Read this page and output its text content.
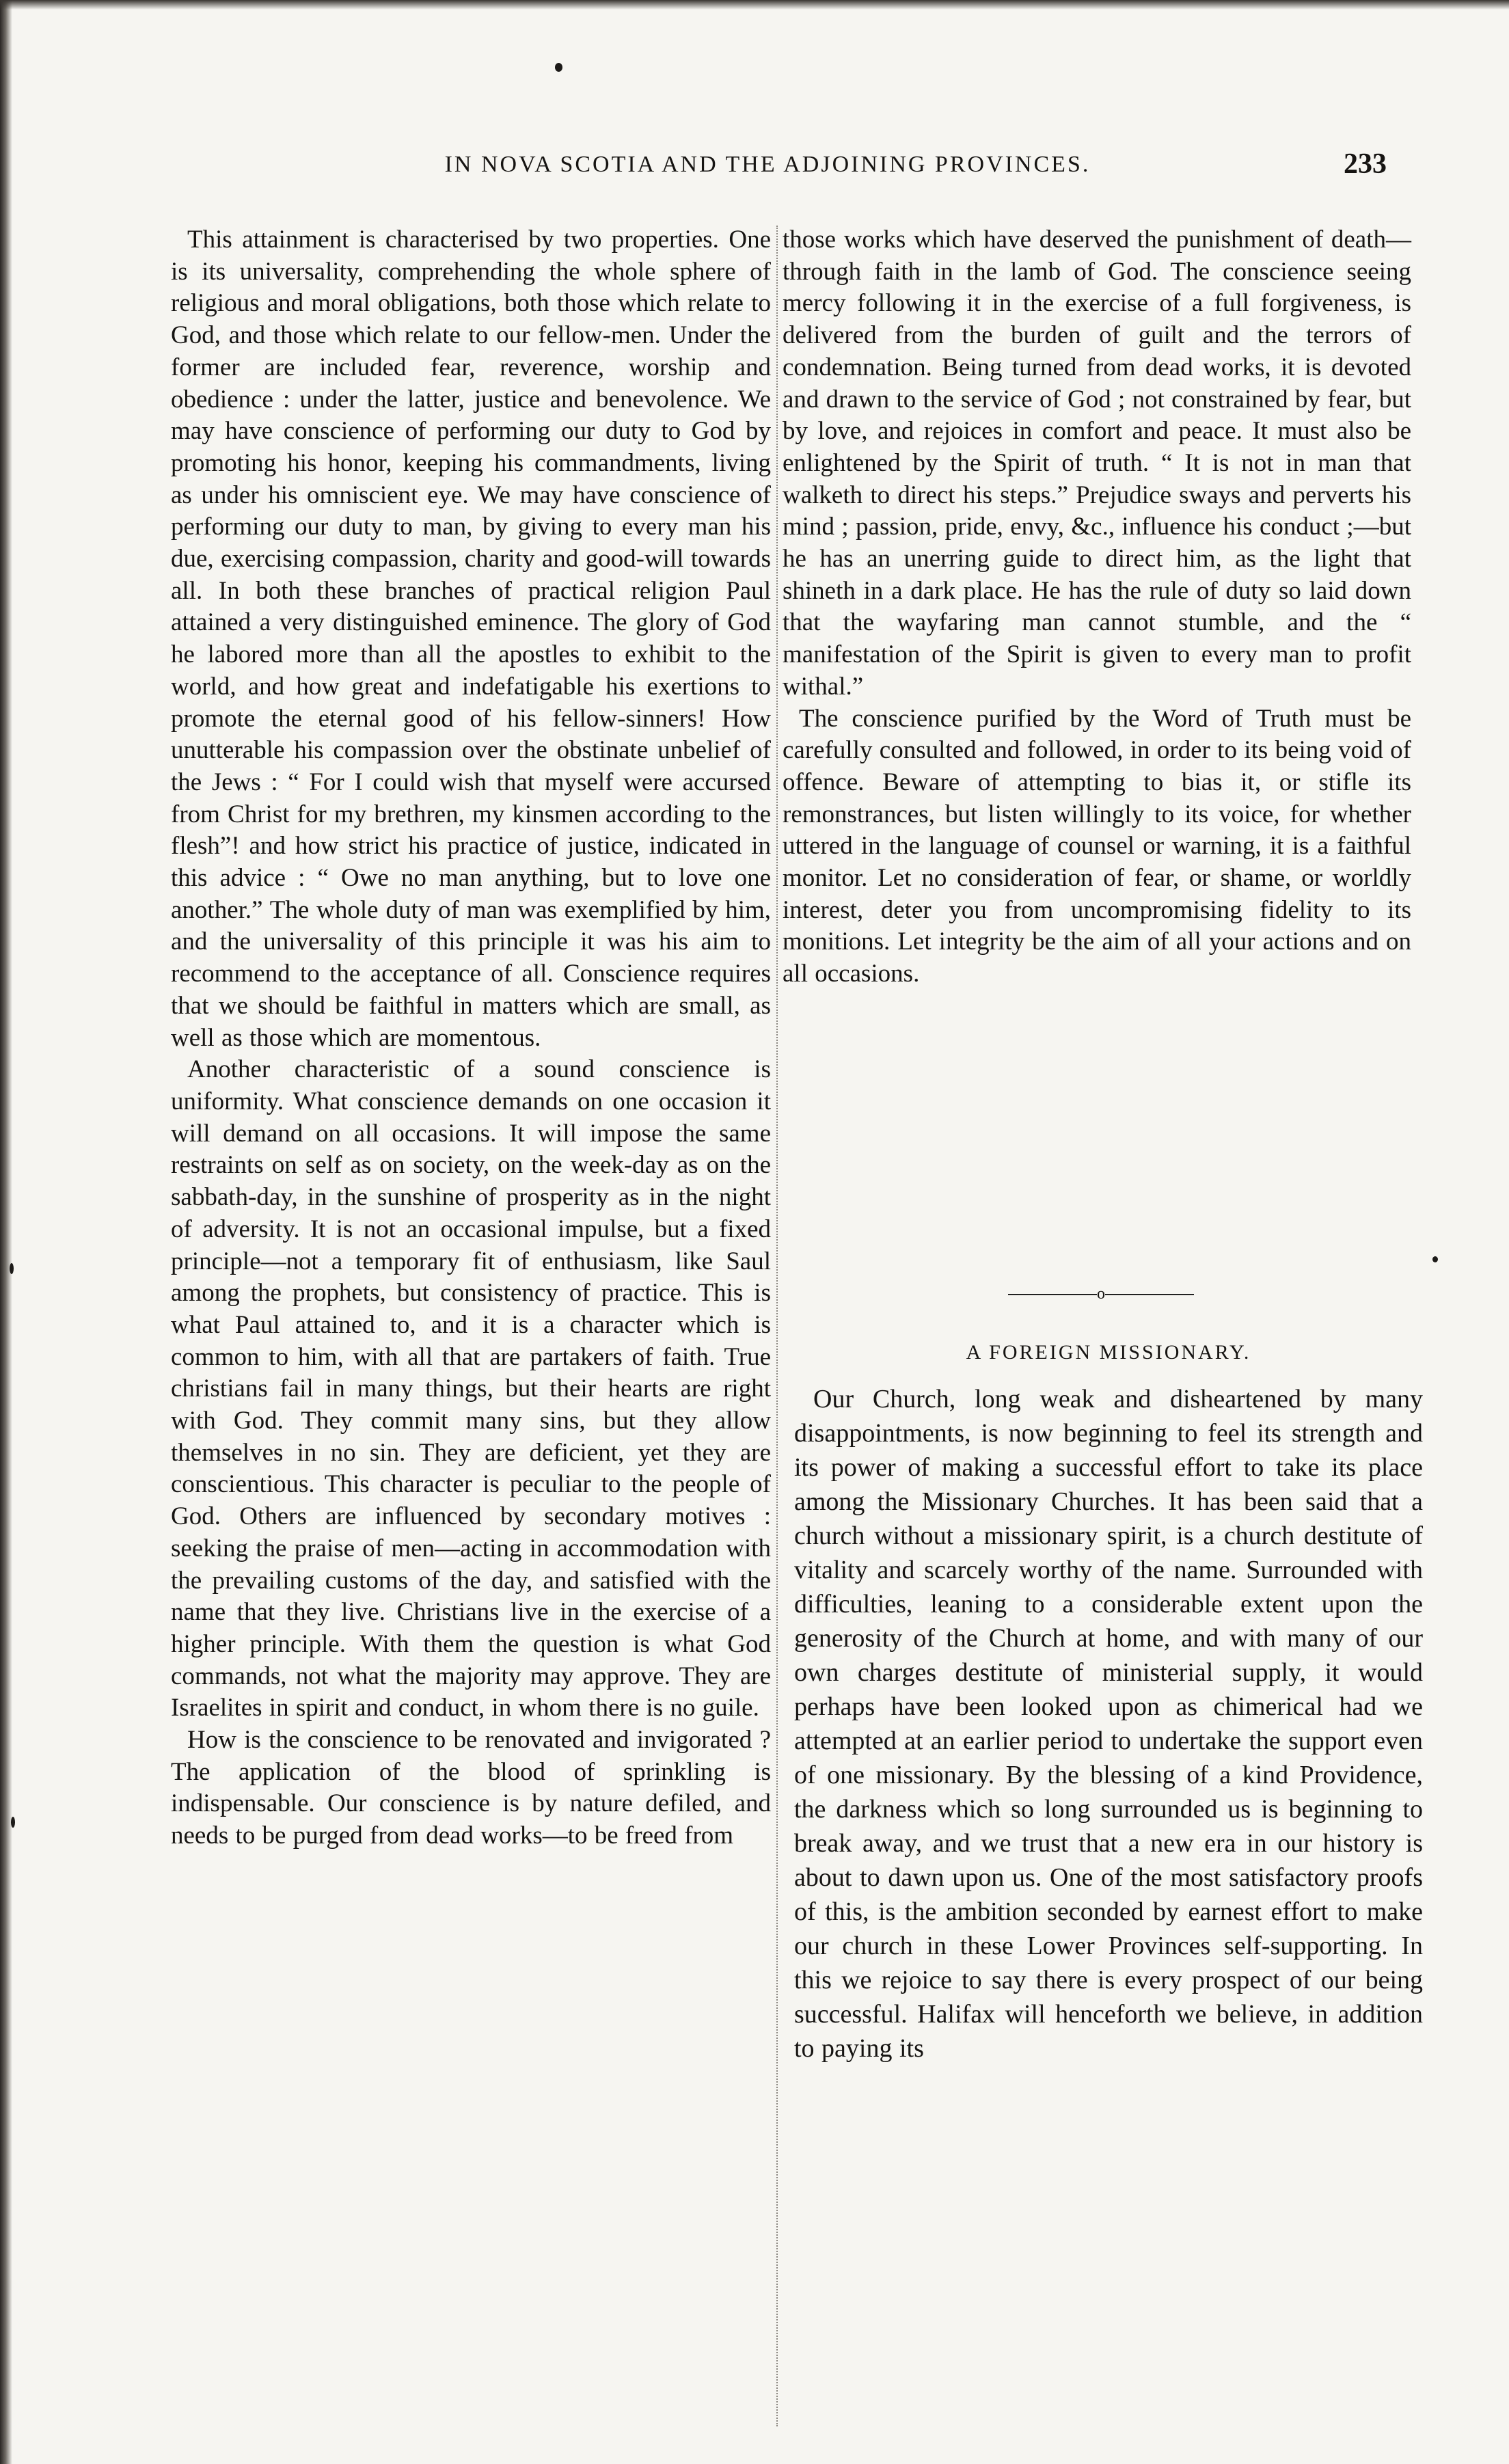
IN NOVA SCOTIA AND THE ADJOINING PROVINCES.	233

This attainment is characterised by two properties. One is its universality, comprehending the whole sphere of religious and moral obligations, both those which relate to God, and those which relate to our fellow-men. Under the former are included fear, reverence, worship and obedience : under the latter, justice and benevolence. We may have conscience of performing our duty to God by promoting his honor, keeping his commandments, living as under his omniscient eye. We may have conscience of performing our duty to man, by giving to every man his due, exercising compassion, charity and good-will towards all. In both these branches of practical religion Paul attained a very distinguished eminence. The glory of God he labored more than all the apostles to exhibit to the world, and how great and indefatigable his exertions to promote the eternal good of his fellow-sinners! How unutterable his compassion over the obstinate unbelief of the Jews : “ For I could wish that myself were accursed from Christ for my brethren, my kinsmen according to the flesh”! and how strict his practice of justice, indicated in this advice : “ Owe no man anything, but to love one another.” The whole duty of man was exemplified by him, and the universality of this principle it was his aim to recommend to the acceptance of all. Conscience requires that we should be faithful in matters which are small, as well as those which are momentous.

Another characteristic of a sound conscience is uniformity. What conscience demands on one occasion it will demand on all occasions. It will impose the same restraints on self as on society, on the week-day as on the sabbath-day, in the sunshine of prosperity as in the night of adversity. It is not an occasional impulse, but a fixed principle—not a temporary fit of enthusiasm, like Saul among the prophets, but consistency of practice. This is what Paul attained to, and it is a character which is common to him, with all that are partakers of faith. True christians fail in many things, but their hearts are right with God. They commit many sins, but they allow themselves in no sin. They are deficient, yet they are conscientious. This character is peculiar to the people of God. Others are influenced by secondary motives : seeking the praise of men—acting in accommodation with the prevailing customs of the day, and satisfied with the name that they live. Christians live in the exercise of a higher principle. With them the question is what God commands, not what the majority may approve. They are Israelites in spirit and conduct, in whom there is no guile.

How is the conscience to be renovated and invigorated ? The application of the blood of sprinkling is indispensable. Our conscience is by nature defiled, and needs to be purged from dead works—to be freed from

those works which have deserved the punishment of death—through faith in the lamb of God. The conscience seeing mercy following it in the exercise of a full forgiveness, is delivered from the burden of guilt and the terrors of condemnation. Being turned from dead works, it is devoted and drawn to the service of God ; not constrained by fear, but by love, and rejoices in comfort and peace. It must also be enlightened by the Spirit of truth. “ It is not in man that walketh to direct his steps.” Prejudice sways and perverts his mind ; passion, pride, envy, &c., influence his conduct ;—but he has an unerring guide to direct him, as the light that shineth in a dark place. He has the rule of duty so laid down that the wayfaring man cannot stumble, and the “ manifestation of the Spirit is given to every man to profit withal.”

The conscience purified by the Word of Truth must be carefully consulted and followed, in order to its being void of offence. Beware of attempting to bias it, or stifle its remonstrances, but listen willingly to its voice, for whether uttered in the language of counsel or warning, it is a faithful monitor. Let no consideration of fear, or shame, or worldly interest, deter you from uncompromising fidelity to its monitions. Let integrity be the aim of all your actions and on all occasions.

o
A FOREIGN MISSIONARY.

Our Church, long weak and disheartened by many disappointments, is now beginning to feel its strength and its power of making a successful effort to take its place among the Missionary Churches. It has been said that a church without a missionary spirit, is a church destitute of vitality and scarcely worthy of the name. Surrounded with difficulties, leaning to a considerable extent upon the generosity of the Church at home, and with many of our own charges destitute of ministerial supply, it would perhaps have been looked upon as chimerical had we attempted at an earlier period to undertake the support even of one missionary. By the blessing of a kind Providence, the darkness which so long surrounded us is beginning to break away, and we trust that a new era in our history is about to dawn upon us. One of the most satisfactory proofs of this, is the ambition seconded by earnest effort to make our church in these Lower Provinces self-supporting. In this we rejoice to say there is every prospect of our being successful. Halifax will henceforth we believe, in addition to paying its
